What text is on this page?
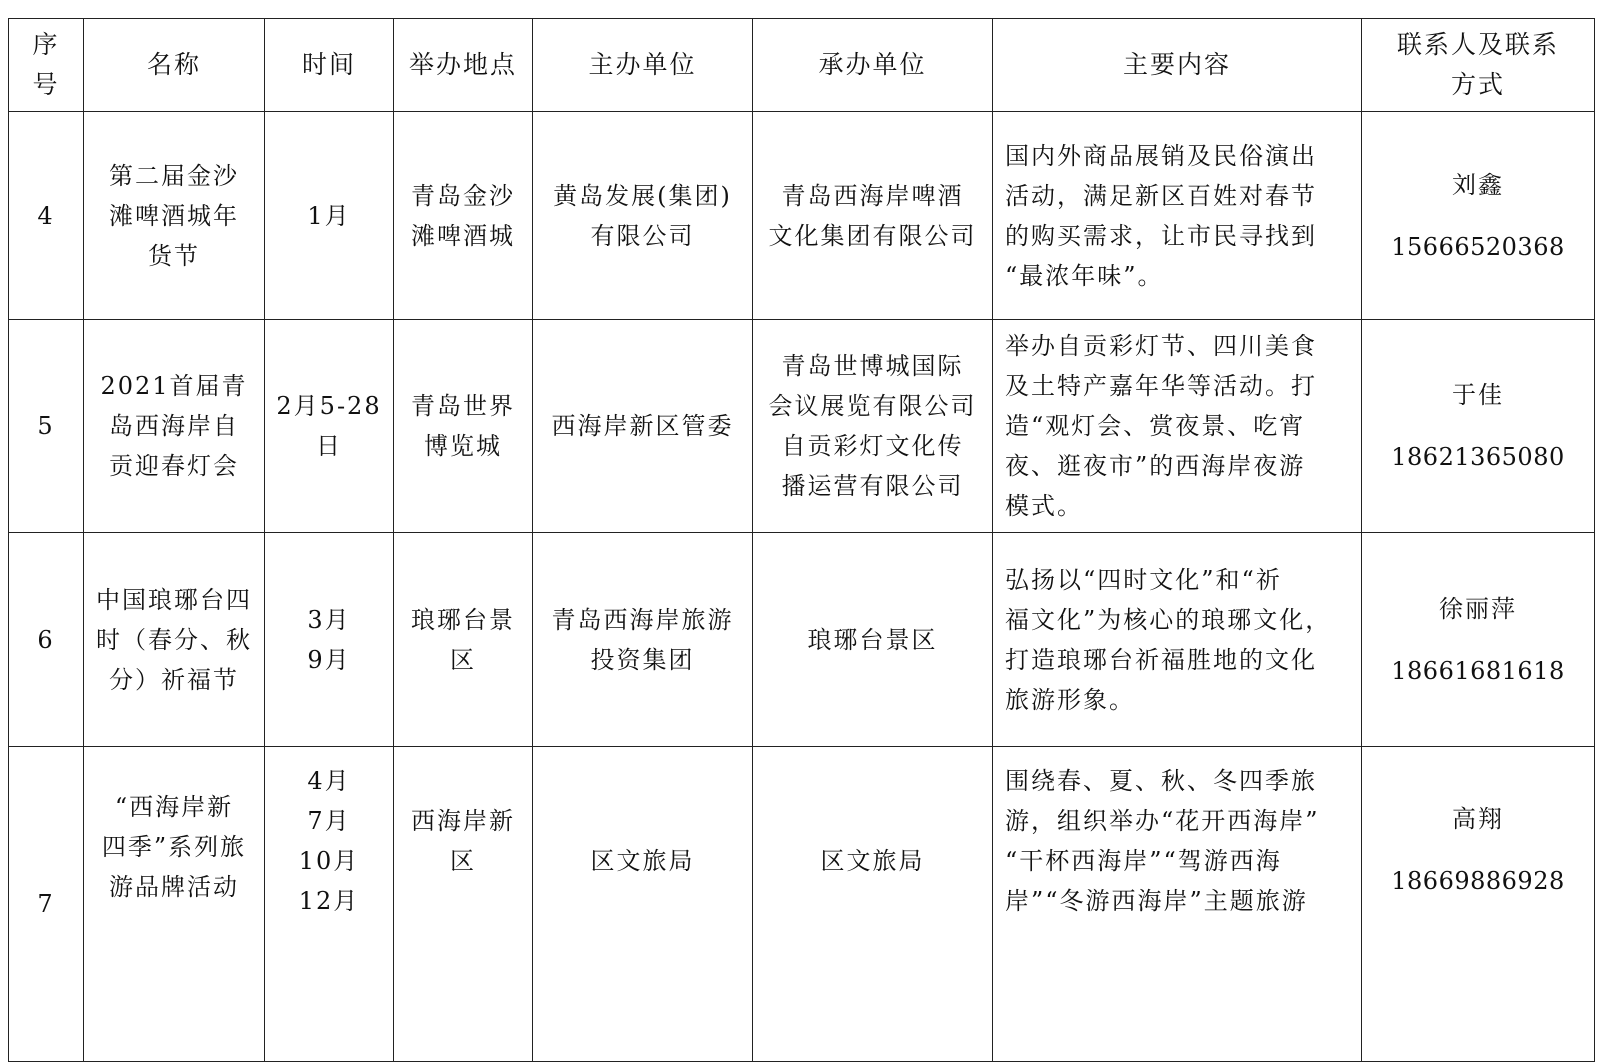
序
号	名称	时间	举办地点	主办单位	承办单位	主要内容	联系人及联系
方式
4	第二届金沙
滩啤酒城年
货节	1月	青岛金沙
滩啤酒城	黄岛发展(集团)
有限公司	青岛西海岸啤酒
文化集团有限公司	国内外商品展销及民俗演出
活动，满足新区百姓对春节
的购买需求，让市民寻找到
“最浓年味”。	刘鑫
15666520368

5	2021首届青
岛西海岸自
贡迎春灯会	2月5-28
日	青岛世界
博览城	西海岸新区管委	青岛世博城国际
会议展览有限公司
自贡彩灯文化传
播运营有限公司	举办自贡彩灯节、四川美食
及土特产嘉年华等活动。打
造“观灯会、赏夜景、吃宵
夜、逛夜市”的西海岸夜游
模式。	于佳
18621365080

6	中国琅琊台四
时（春分、秋
分）祈福节	3月
9月	琅琊台景
区	青岛西海岸旅游
投资集团	琅琊台景区	弘扬以“四时文化”和“祈
福文化”为核心的琅琊文化，
打造琅琊台祈福胜地的文化
旅游形象。	徐丽萍
18661681618

7	“西海岸新
四季”系列旅
游品牌活动	4月
7月
10月
12月	西海岸新
区	区文旅局	区文旅局	围绕春、夏、秋、冬四季旅
游，组织举办“花开西海岸”
“干杯西海岸”“驾游西海
岸”“冬游西海岸”主题旅游	高翔
18669886928
